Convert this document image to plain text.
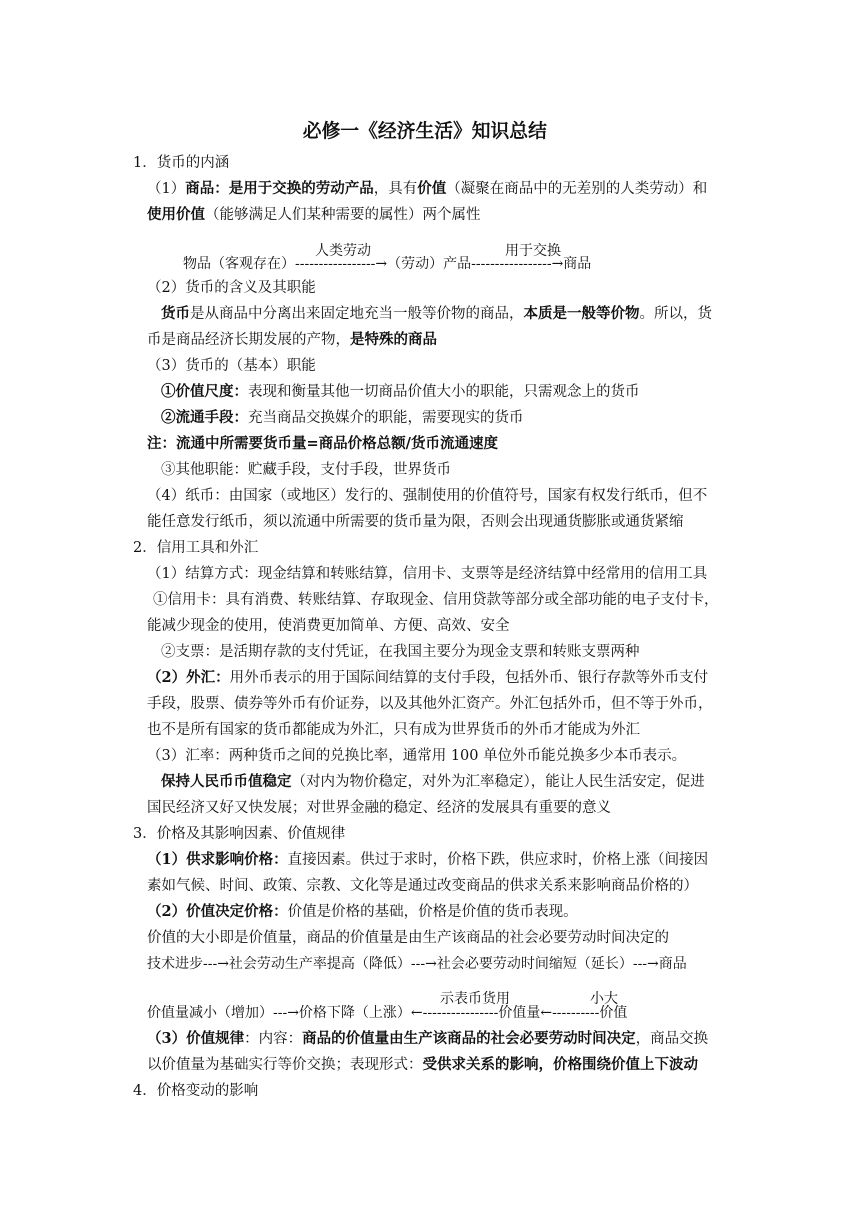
必修一《经济生活》知识总结
1．货币的内涵
（1）商品：是用于交换的劳动产品，具有价值（凝聚在商品中的无差别的人类劳动）和
使用价值（能够满足人们某种需要的属性）两个属性
人类劳动	用于交换
物品（客观存在）-----------------→（劳动）产品-----------------→商品
（2）货币的含义及其职能
货币是从商品中分离出来固定地充当一般等价物的商品，本质是一般等价物。所以，货
币是商品经济长期发展的产物，是特殊的商品
（3）货币的（基本）职能
①价值尺度：表现和衡量其他一切商品价值大小的职能，只需观念上的货币
②流通手段：充当商品交换媒介的职能，需要现实的货币
注：流通中所需要货币量=商品价格总额/货币流通速度
③其他职能：贮藏手段，支付手段，世界货币
（4）纸币：由国家（或地区）发行的、强制使用的价值符号，国家有权发行纸币，但不
能任意发行纸币，须以流通中所需要的货币量为限，否则会出现通货膨胀或通货紧缩
2．信用工具和外汇
（1）结算方式：现金结算和转账结算，信用卡、支票等是经济结算中经常用的信用工具
①信用卡：具有消费、转账结算、存取现金、信用贷款等部分或全部功能的电子支付卡，
能减少现金的使用，使消费更加简单、方便、高效、安全
②支票：是活期存款的支付凭证，在我国主要分为现金支票和转账支票两种
（2）外汇：用外币表示的用于国际间结算的支付手段，包括外币、银行存款等外币支付
手段，股票、债券等外币有价证券，以及其他外汇资产。外汇包括外币，但不等于外币，
也不是所有国家的货币都能成为外汇，只有成为世界货币的外币才能成为外汇
（3）汇率：两种货币之间的兑换比率，通常用 100 单位外币能兑换多少本币表示。
保持人民币币值稳定（对内为物价稳定，对外为汇率稳定），能让人民生活安定，促进
国民经济又好又快发展；对世界金融的稳定、经济的发展具有重要的意义
3．价格及其影响因素、价值规律
（1）供求影响价格：直接因素。供过于求时，价格下跌，供应求时，价格上涨（间接因
素如气候、时间、政策、宗教、文化等是通过改变商品的供求关系来影响商品价格的）
（2）价值决定价格：价值是价格的基础，价格是价值的货币表现。
价值的大小即是价值量，商品的价值量是由生产该商品的社会必要劳动时间决定的
技术进步---→社会劳动生产率提高（降低）---→社会必要劳动时间缩短（延长）---→商品
示表币货用	小大
价值量减小（增加）---→价格下降（上涨）←----------------价值量←----------价值
（3）价值规律：内容：商品的价值量由生产该商品的社会必要劳动时间决定，商品交换
以价值量为基础实行等价交换；表现形式：受供求关系的影响，价格围绕价值上下波动
4．价格变动的影响
